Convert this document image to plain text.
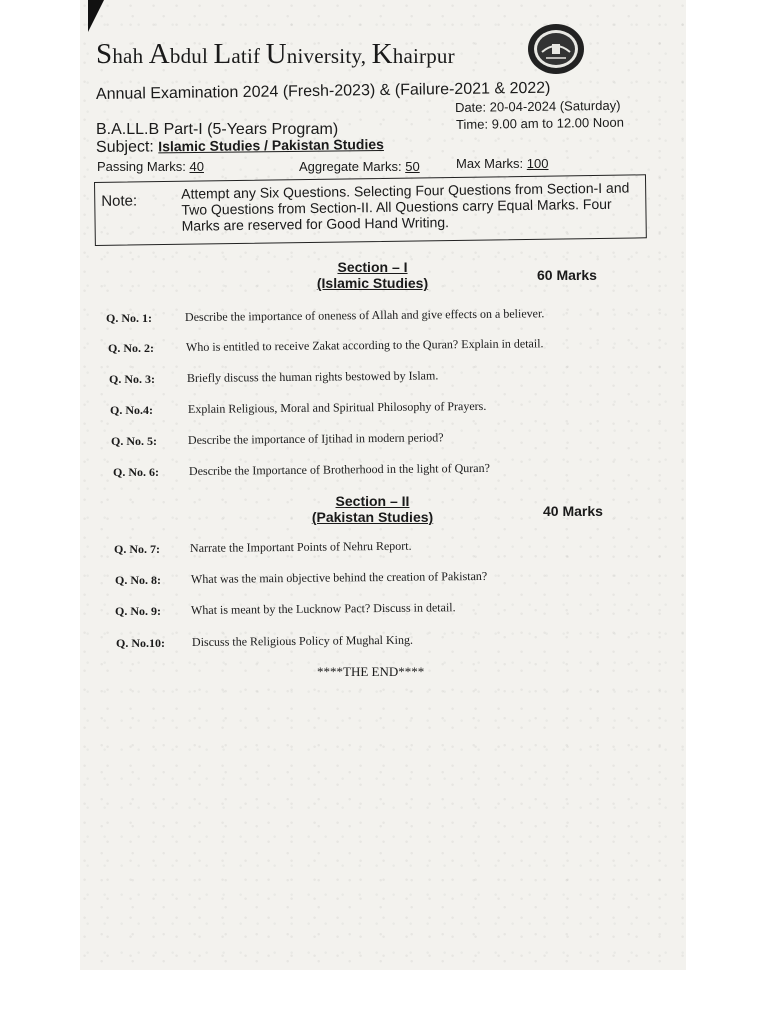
Shah Abdul Latif University, Khairpur
Annual Examination 2024 (Fresh-2023) & (Failure-2021 & 2022)
Date: 20-04-2024 (Saturday)
B.A.LL.B Part-I (5-Years Program)	Time: 9.00 am to 12.00 Noon
Subject: Islamic Studies / Pakistan Studies
Passing Marks: 40	Aggregate Marks: 50	Max Marks: 100
Note:	Attempt any Six Questions. Selecting Four Questions from Section-I and Two Questions from Section-II. All Questions carry Equal Marks. Four Marks are reserved for Good Hand Writing.
Section – I
(Islamic Studies)	60 Marks
Q. No. 1:	Describe the importance of oneness of Allah and give effects on a believer.
Q. No. 2:	Who is entitled to receive Zakat according to the Quran? Explain in detail.
Q. No. 3:	Briefly discuss the human rights bestowed by Islam.
Q. No.4:	Explain Religious, Moral and Spiritual Philosophy of Prayers.
Q. No. 5:	Describe the importance of Ijtihad in modern period?
Q. No. 6: Describe the Importance of Brotherhood in the light of Quran?
Section – II
(Pakistan Studies)	40 Marks
Q. No. 7: Narrate the Important Points of Nehru Report.
Q. No. 8: What was the main objective behind the creation of Pakistan?
Q. No. 9: What is meant by the Lucknow Pact? Discuss in detail.
Q. No.10: Discuss the Religious Policy of Mughal King.
****THE END****
